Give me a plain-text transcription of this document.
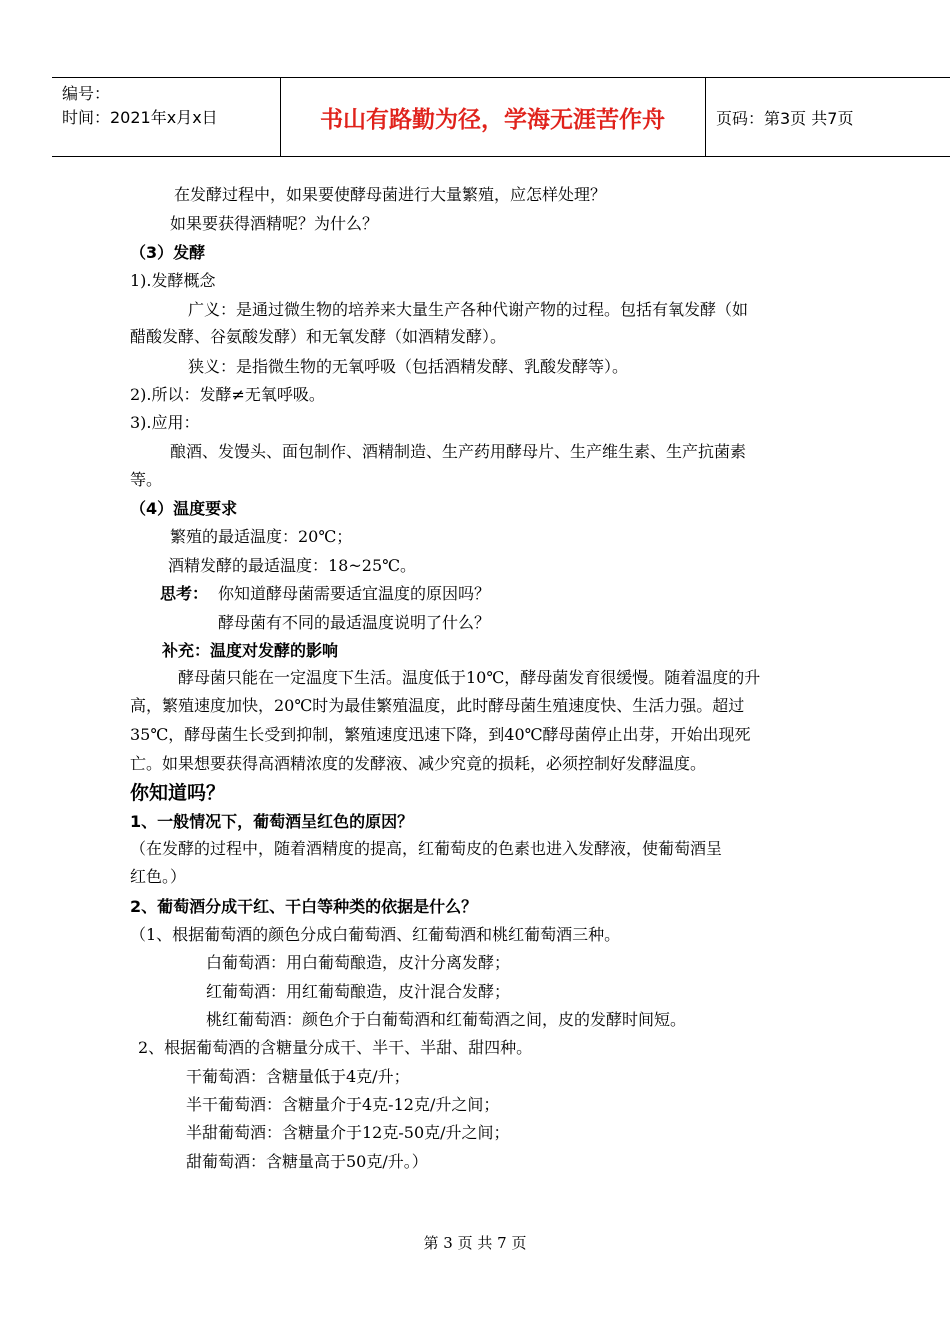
编号：
时间：2021年x月x日	书山有路勤为径，学海无涯苦作舟	页码：第3页 共7页
在发酵过程中，如果要使酵母菌进行大量繁殖，应怎样处理？
如果要获得酒精呢？为什么？
（3）发酵
1).发酵概念
广义：是通过微生物的培养来大量生产各种代谢产物的过程。包括有氧发酵（如
醋酸发酵、谷氨酸发酵）和无氧发酵（如酒精发酵）。
狭义：是指微生物的无氧呼吸（包括酒精发酵、乳酸发酵等）。
2).所以：发酵≠无氧呼吸。
3).应用：
酿酒、发馒头、面包制作、酒精制造、生产药用酵母片、生产维生素、生产抗菌素
等。
（4）温度要求
繁殖的最适温度：20℃；
酒精发酵的最适温度：18~25℃。
思考： 你知道酵母菌需要适宜温度的原因吗？
酵母菌有不同的最适温度说明了什么？
补充：温度对发酵的影响
酵母菌只能在一定温度下生活。温度低于10℃，酵母菌发育很缓慢。随着温度的升
高，繁殖速度加快，20℃时为最佳繁殖温度，此时酵母菌生殖速度快、生活力强。超过
35℃，酵母菌生长受到抑制，繁殖速度迅速下降，到40℃酵母菌停止出芽，开始出现死
亡。如果想要获得高酒精浓度的发酵液、减少究竟的损耗，必须控制好发酵温度。
你知道吗？
1、一般情况下，葡萄酒呈红色的原因？
（在发酵的过程中，随着酒精度的提高，红葡萄皮的色素也进入发酵液，使葡萄酒呈
红色。）
2、葡萄酒分成干红、干白等种类的依据是什么？
（1、根据葡萄酒的颜色分成白葡萄酒、红葡萄酒和桃红葡萄酒三种。
白葡萄酒：用白葡萄酿造，皮汁分离发酵；
红葡萄酒：用红葡萄酿造，皮汁混合发酵；
桃红葡萄酒：颜色介于白葡萄酒和红葡萄酒之间，皮的发酵时间短。
2、根据葡萄酒的含糖量分成干、半干、半甜、甜四种。
干葡萄酒：含糖量低于4克/升；
半干葡萄酒：含糖量介于4克-12克/升之间；
半甜葡萄酒：含糖量介于12克-50克/升之间；
甜葡萄酒：含糖量高于50克/升。）
第 3 页 共 7 页
